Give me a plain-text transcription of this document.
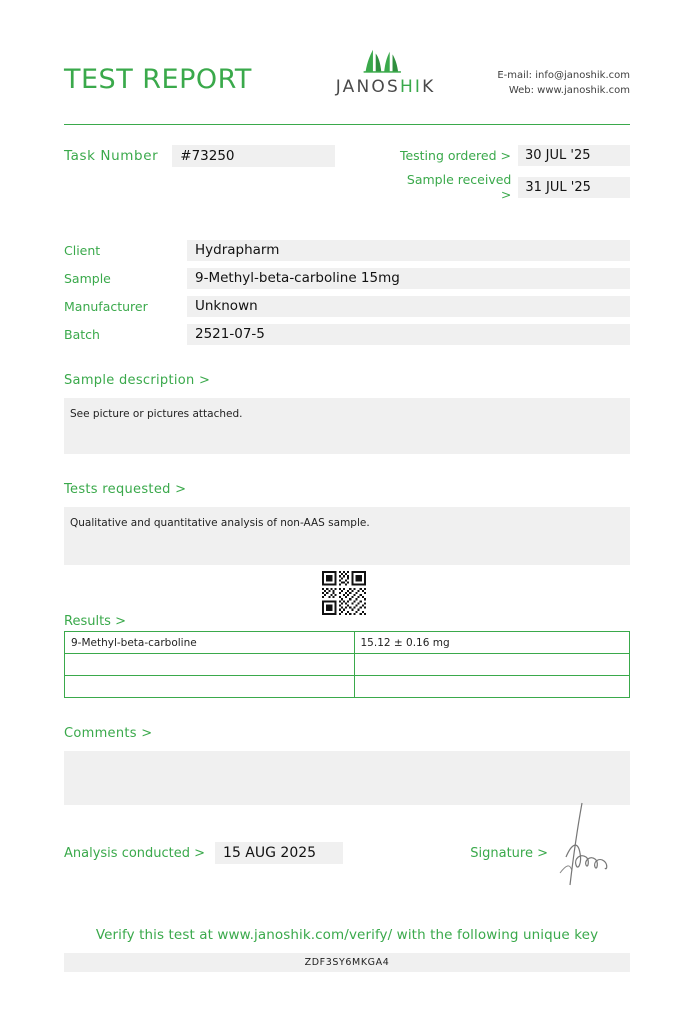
TEST REPORT	JANOSHIK
E-mail: info@janoshik.com
Web: www.janoshik.com
Task Number	#73250	Testing ordered >	30 JUL '25
Sample received >	31 JUL '25
Client	Hydrapharm
Sample	9-Methyl-beta-carboline 15mg
Manufacturer	Unknown
Batch	2521-07-5
Sample description >
See picture or pictures attached.
Tests requested >
Qualitative and quantitative analysis of non-AAS sample.
Results >
9-Methyl-beta-carboline	15.12 ± 0.16 mg

Comments >
Analysis conducted >	15 AUG 2025	Signature >
Verify this test at www.janoshik.com/verify/ with the following unique key
ZDF3SY6MKGA4
